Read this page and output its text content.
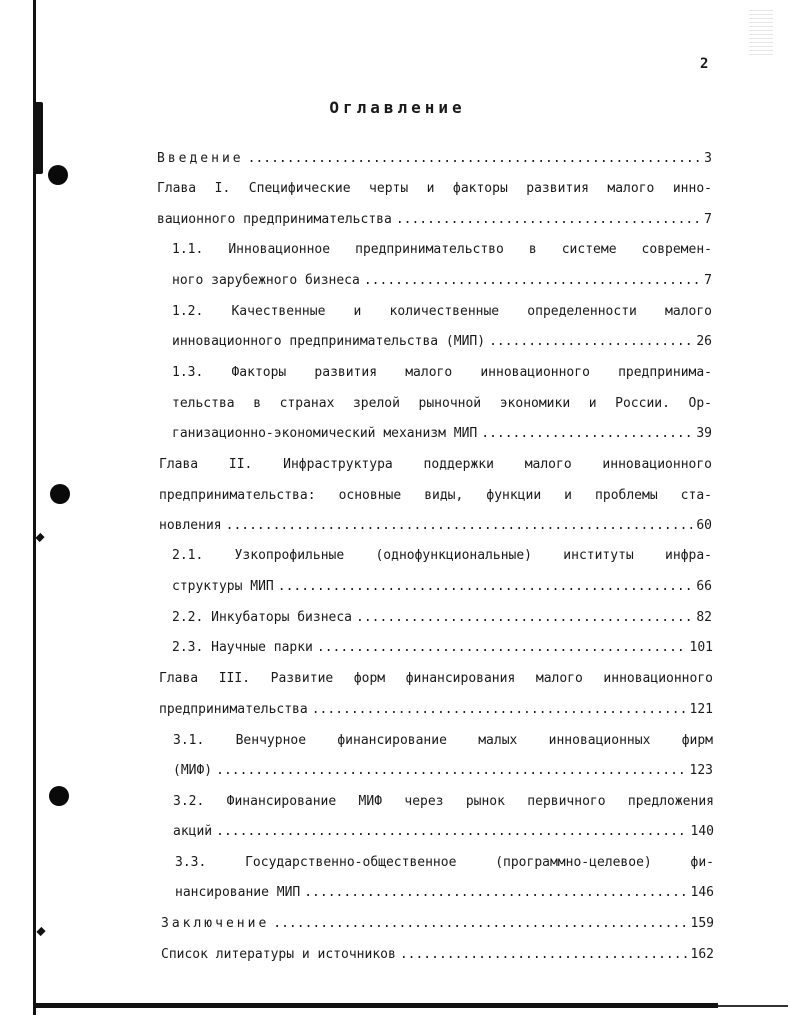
2
Оглавление
Введение .....	3
Глава I. Специфические черты и факторы развития малого инно-
вационного предпринимательства .....	7
1.1. Инновационное предпринимательство в системе современ-
ного зарубежного бизнеса .....	7
1.2. Качественные и количественные определенности малого
инновационного предпринимательства (МИП) .....	26
1.3. Факторы развития малого инновационного предпринима-
тельства в странах зрелой рыночной экономики и России. Ор-
ганизационно-экономический механизм МИП .....	39
Глава II. Инфраструктура поддержки малого инновационного
предпринимательства: основные виды, функции и проблемы ста-
новления .....	60
2.1. Узкопрофильные (однофункциональные) институты инфра-
структуры МИП .....	66
2.2. Инкубаторы бизнеса .....	82
2.3. Научные парки .....	101
Глава III. Развитие форм финансирования малого инновационного
предпринимательства .....	121
3.1. Венчурное финансирование малых инновационных фирм
(МИФ) .....	123
3.2. Финансирование МИФ через рынок первичного предложения
акций .....	140
3.3. Государственно-общественное (программно-целевое) фи-
нансирование МИП .....	146
Заключение .....	159
Список литературы и источников .....	162
